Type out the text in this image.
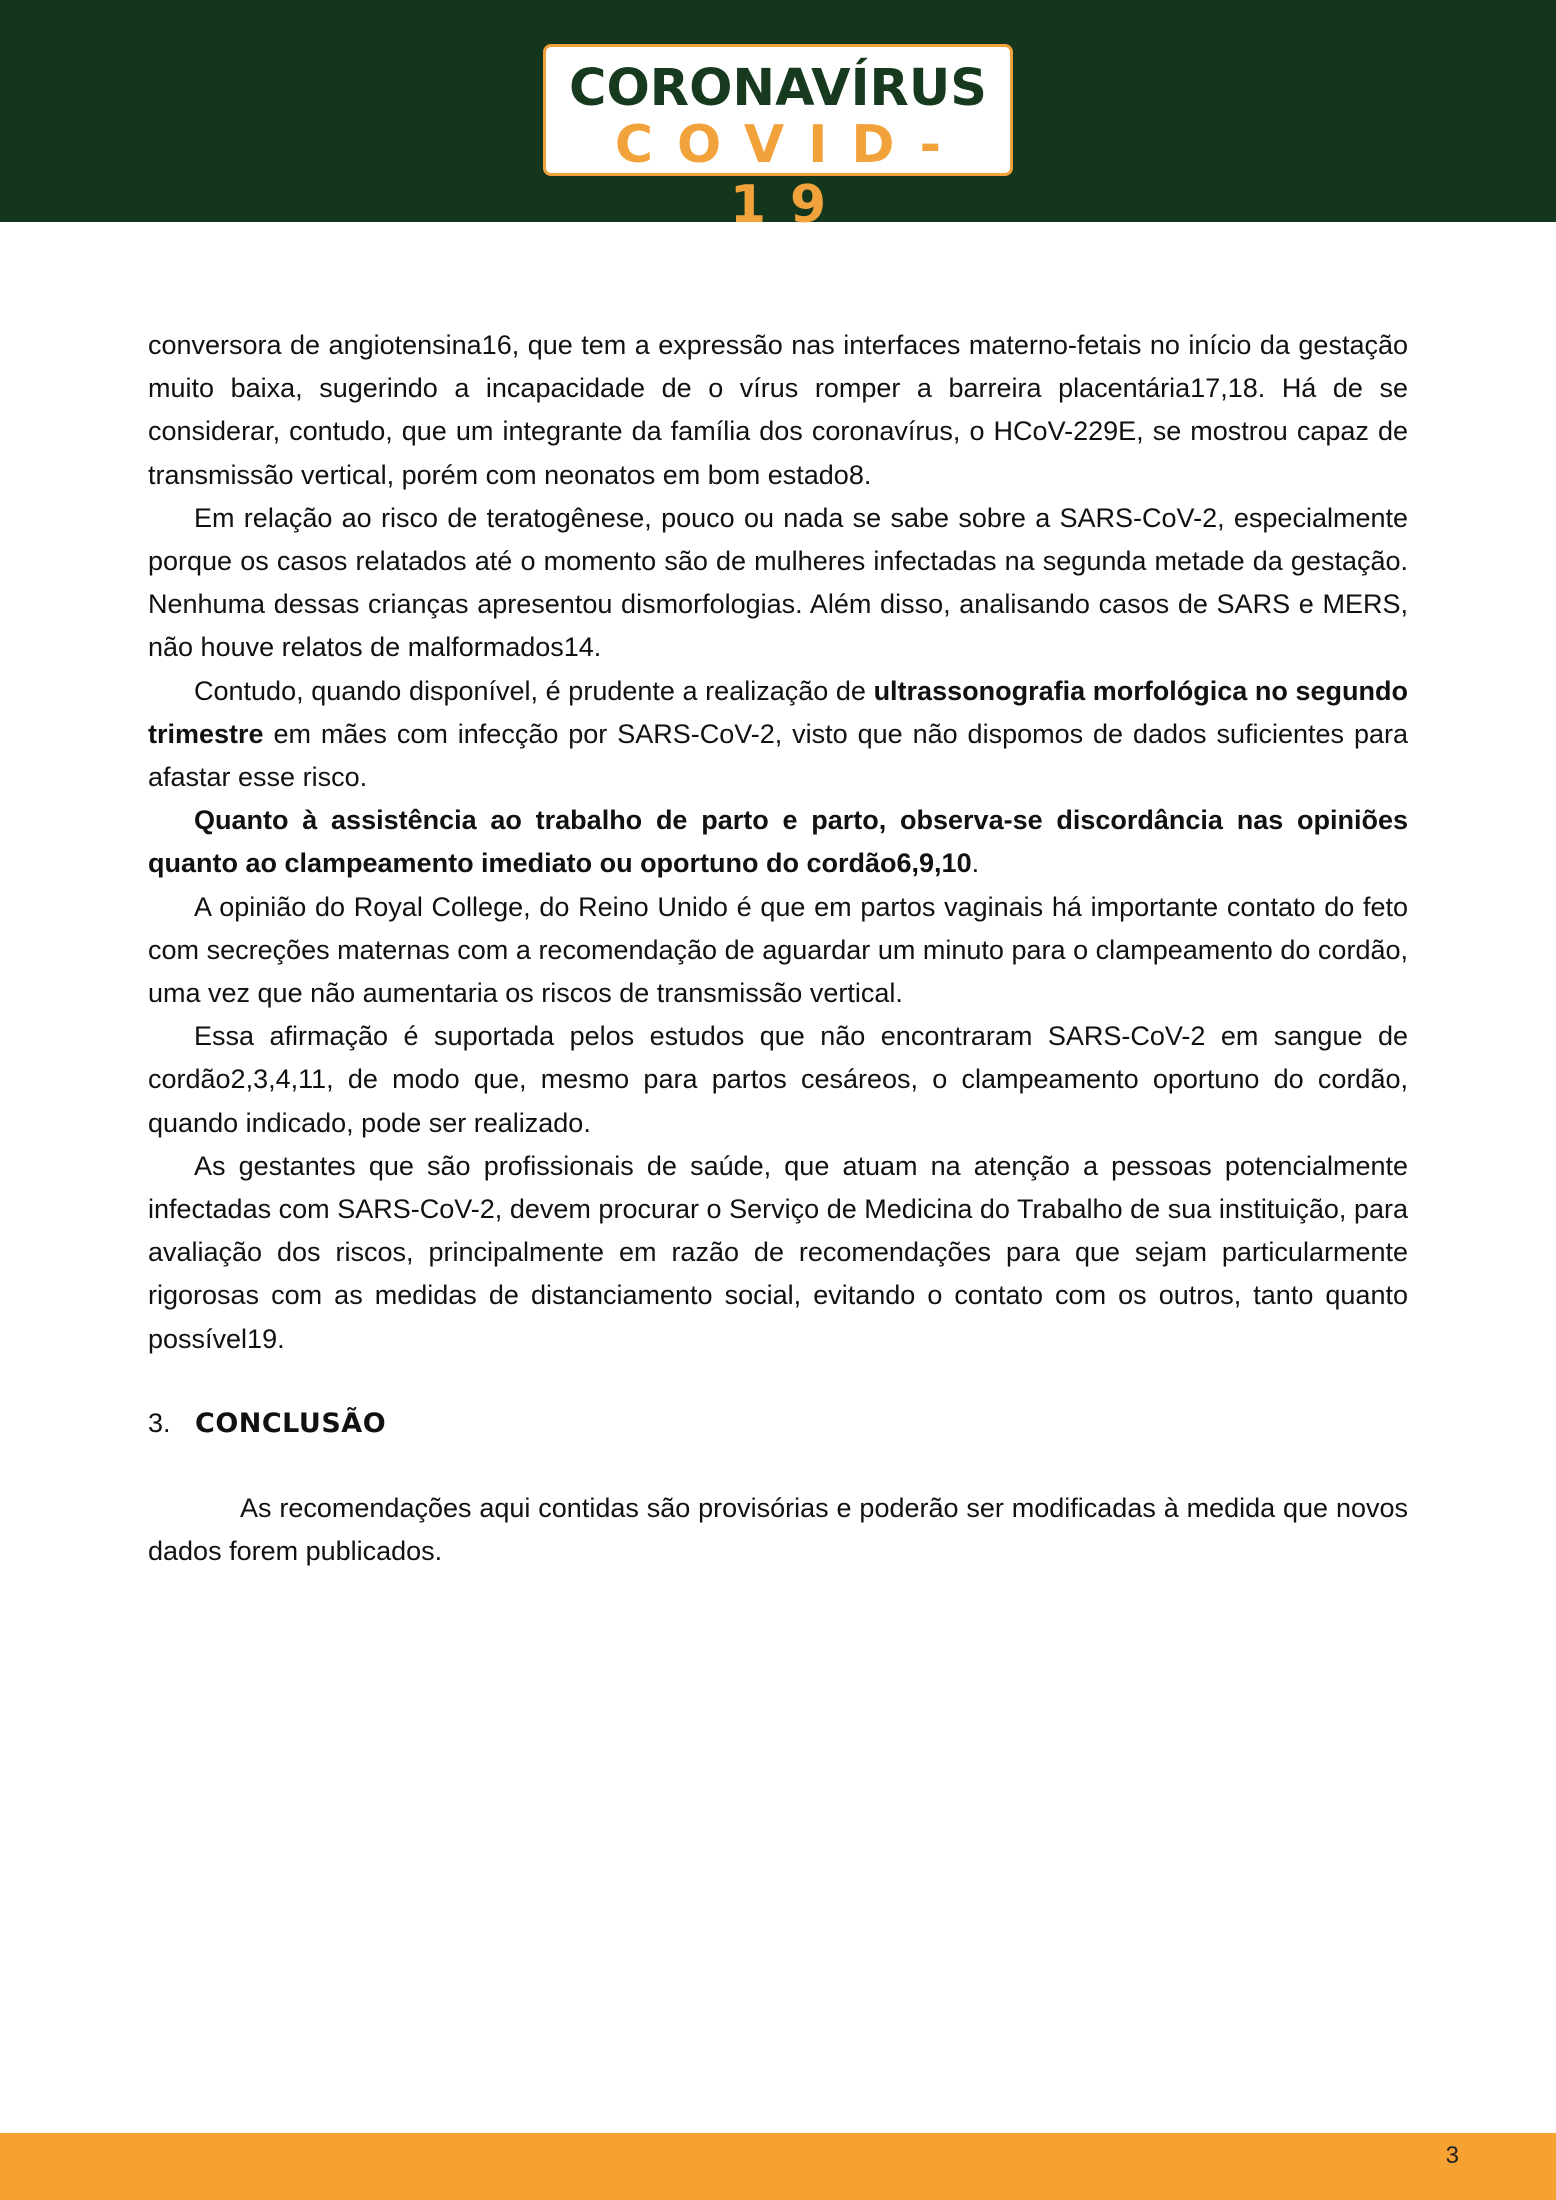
CORONAVÍRUS
COVID-19

conversora de angiotensina16, que tem a expressão nas interfaces materno-fetais no início da gestação muito baixa, sugerindo a incapacidade de o vírus romper a barreira placentária17,18. Há de se considerar, contudo, que um integrante da família dos coronavírus, o HCoV-229E, se mostrou capaz de transmissão vertical, porém com neonatos em bom estado8.

Em relação ao risco de teratogênese, pouco ou nada se sabe sobre a SARS-CoV-2, especialmente porque os casos relatados até o momento são de mulheres infectadas na segunda metade da gestação. Nenhuma dessas crianças apresentou dismorfologias. Além disso, analisando casos de SARS e MERS, não houve relatos de malformados14.

Contudo, quando disponível, é prudente a realização de ultrassonografia morfológica no segundo trimestre em mães com infecção por SARS-CoV-2, visto que não dispomos de dados suficientes para afastar esse risco.

Quanto à assistência ao trabalho de parto e parto, observa-se discordância nas opiniões quanto ao clampeamento imediato ou oportuno do cordão6,9,10.

A opinião do Royal College, do Reino Unido é que em partos vaginais há importante contato do feto com secreções maternas com a recomendação de aguardar um minuto para o clampeamento do cordão, uma vez que não aumentaria os riscos de transmissão vertical.

Essa afirmação é suportada pelos estudos que não encontraram SARS-CoV-2 em sangue de cordão2,3,4,11, de modo que, mesmo para partos cesáreos, o clampeamento oportuno do cordão, quando indicado, pode ser realizado.

As gestantes que são profissionais de saúde, que atuam na atenção a pessoas potencialmente infectadas com SARS-CoV-2, devem procurar o Serviço de Medicina do Trabalho de sua instituição, para avaliação dos riscos, principalmente em razão de recomendações para que sejam particularmente rigorosas com as medidas de distanciamento social, evitando o contato com os outros, tanto quanto possível19.

3. CONCLUSÃO

As recomendações aqui contidas são provisórias e poderão ser modificadas à medida que novos dados forem publicados.

3
